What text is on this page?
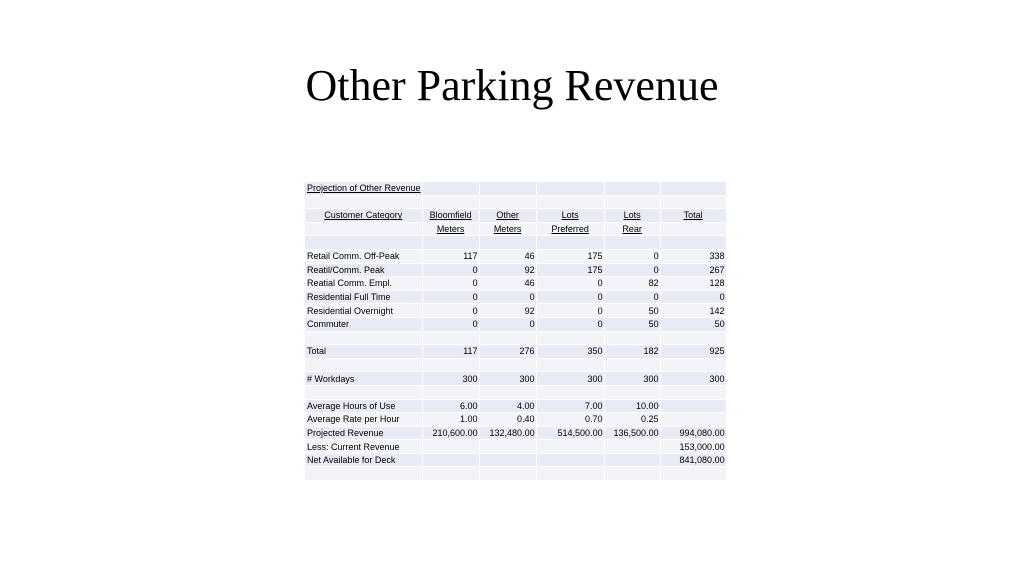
Other Parking Revenue
Projection of Other Revenue					

Customer Category	Bloomfield	Other	Lots	Lots	Total
	Meters	Meters	Preferred	Rear	

Retail Comm. Off-Peak	117	46	175	0	338
Reatil/Comm. Peak	0	92	175	0	267
Reatial Comm. Empl.	0	46	0	82	128
Residential Full Time	0	0	0	0	0
Residential Overnight	0	92	0	50	142
Commuter	0	0	0	50	50

Total	117	276	350	182	925

# Workdays	300	300	300	300	300

Average Hours of Use	6.00	4.00	7.00	10.00	
Average Rate per Hour	1.00	0.40	0.70	0.25	
Projected Revenue	210,600.00	132,480.00	514,500.00	136,500.00	994,080.00
Less: Current Revenue					153,000.00
Net Available for Deck					841,080.00
